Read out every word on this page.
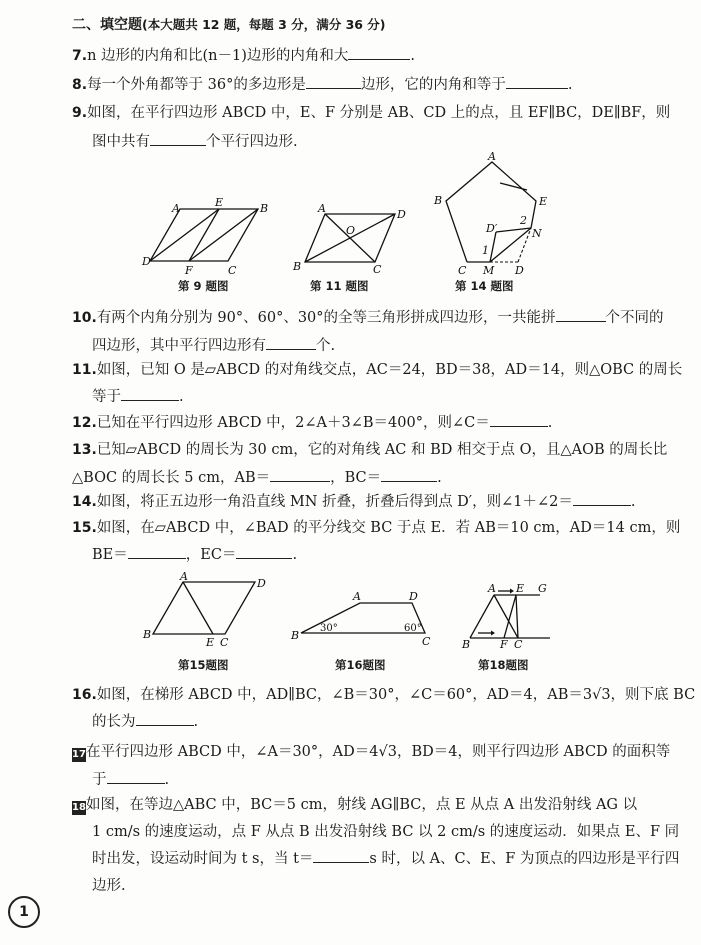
二、填空题(本大题共 12 题，每题 3 分，满分 36 分)
7.n 边形的内角和比(n－1)边形的内角和大	.
8.每一个外角都等于 36°的多边形是	边形，它的内角和等于	.
9.如图，在平行四边形 ABCD 中，E、F 分别是 AB、CD 上的点，且 EF∥BC，DE∥BF，则
图中共有	个平行四边形.
A	E	B
D
F	C
第 9 题图
A	D
O
B	C
第 11 题图
A
B	E
D′
2
N
1
C M D
第 14 题图
10.有两个内角分别为 90°、60°、30°的全等三角形拼成四边形，一共能拼	个不同的
四边形，其中平行四边形有	个.
11.如图，已知 O 是▱ABCD 的对角线交点，AC＝24，BD＝38，AD＝14，则△OBC 的周长
等于	.
12.已知在平行四边形 ABCD 中，2∠A＋3∠B＝400°，则∠C＝	.
13.已知▱ABCD 的周长为 30 cm，它的对角线 AC 和 BD 相交于点 O，且△AOB 的周长比
△BOC 的周长长 5 cm，AB＝	，BC＝	.
14.如图，将正五边形一角沿直线 MN 折叠，折叠后得到点 D′，则∠1＋∠2＝	.
15.如图，在▱ABCD 中，∠BAD 的平分线交 BC 于点 E．若 AB＝10 cm，AD＝14 cm，则
BE＝	，EC＝	.
A
D
B
E C
第15题图
A	D
B	C
30°	60°
第16题图
A E G
B	F C
第18题图
16.如图，在梯形 ABCD 中，AD∥BC，∠B＝30°，∠C＝60°，AD＝4，AB＝3√3，则下底 BC
的长为	.
17在平行四边形 ABCD 中，∠A＝30°，AD＝4√3，BD＝4，则平行四边形 ABCD 的面积等
于	.
18如图，在等边△ABC 中，BC＝5 cm，射线 AG∥BC，点 E 从点 A 出发沿射线 AG 以
1 cm/s 的速度运动，点 F 从点 B 出发沿射线 BC 以 2 cm/s 的速度运动．如果点 E、F 同
时出发，设运动时间为 t s，当 t＝	s 时，以 A、C、E、F 为顶点的四边形是平行四
边形.
1
